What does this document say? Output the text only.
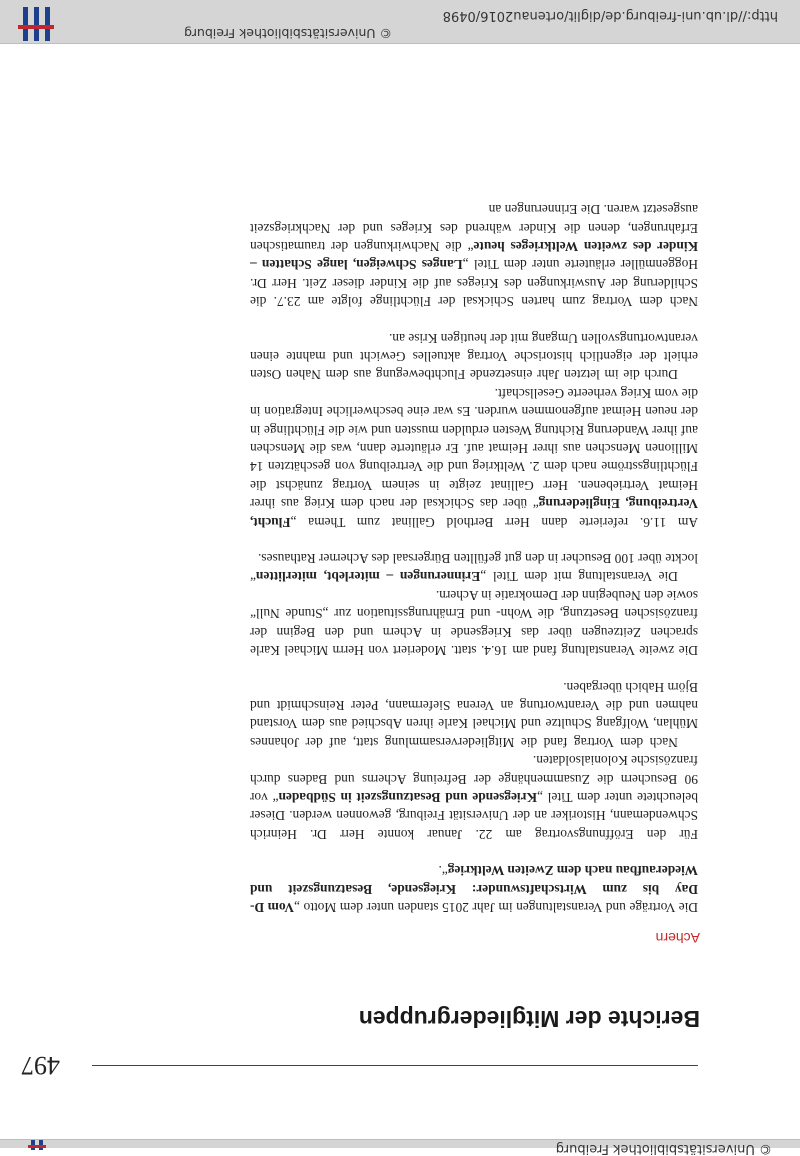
© Universitätsbibliothek Freiburg
497
Berichte der Mitgliedergruppen
Achern

Die Vorträge und Veranstaltungen im Jahr 2015 standen unter dem Motto „Vom D-Day bis zum Wirtschaftswunder: Kriegsende, Besatzungszeit und Wiederaufbau nach dem Zweiten Weltkrieg“.

Für den Eröffnungsvortrag am 22. Januar konnte Herr Dr. Heinrich Schwendemann, Historiker an der Universität Freiburg, gewonnen werden. Dieser beleuchtete unter dem Titel „Kriegsende und Besatzungszeit in Südbaden“ vor 90 Besuchern die Zusammenhänge der Befreiung Acherns und Badens durch französische Kolonialsoldaten.

Nach dem Vortrag fand die Mitgliederversammlung statt, auf der Johannes Mühlan, Wolfgang Schultze und Michael Karle ihren Abschied aus dem Vorstand nahmen und die Verantwortung an Verena Siefermann, Peter Reinschmidt und Björn Habich übergaben.

Die zweite Veranstaltung fand am 16.4. statt. Moderiert von Herrn Michael Karle sprachen Zeitzeugen über das Kriegsende in Achern und den Beginn der französischen Besetzung, die Wohn- und Ernährungssituation zur „Stunde Null“ sowie den Neubeginn der Demokratie in Achern.

Die Veranstaltung mit dem Titel „Erinnerungen – miterlebt, miterlitten“ lockte über 100 Besucher in den gut gefüllten Bürgersaal des Acherner Rathauses.

Am 11.6. referierte dann Herr Berthold Gallinat zum Thema „Flucht, Vertreibung, Eingliederung“ über das Schicksal der nach dem Krieg aus ihrer Heimat Vertriebenen. Herr Gallinat zeigte in seinem Vortrag zunächst die Flüchtlingsströme nach dem 2. Weltkrieg und die Vertreibung von geschätzten 14 Millionen Menschen aus ihrer Heimat auf. Er erläuterte dann, was die Menschen auf ihrer Wanderung Richtung Westen erdulden mussten und wie die Flüchtlinge in der neuen Heimat aufgenommen wurden. Es war eine beschwerliche Integration in die vom Krieg verheerte Gesellschaft.

Durch die im letzten Jahr einsetzende Fluchtbewegung aus dem Nahen Osten erhielt der eigentlich historische Vortrag aktuelles Gewicht und mahnte einen verantwortungsvollen Umgang mit der heutigen Krise an.

Nach dem Vortrag zum harten Schicksal der Flüchtlinge folgte am 23.7. die Schilderung der Auswirkungen des Krieges auf die Kinder dieser Zeit. Herr Dr. Hoggenmüller erläuterte unter dem Titel „Langes Schweigen, lange Schatten – Kinder des zweiten Weltkrieges heute“ die Nachwirkungen der traumatischen Erfahrungen, denen die Kinder während des Krieges und der Nachkriegszeit ausgesetzt waren. Die Erinnerungen an

© Universitätsbibliothek Freiburg
http://dl.ub.uni-freiburg.de/diglit/ortenau2016/0498
